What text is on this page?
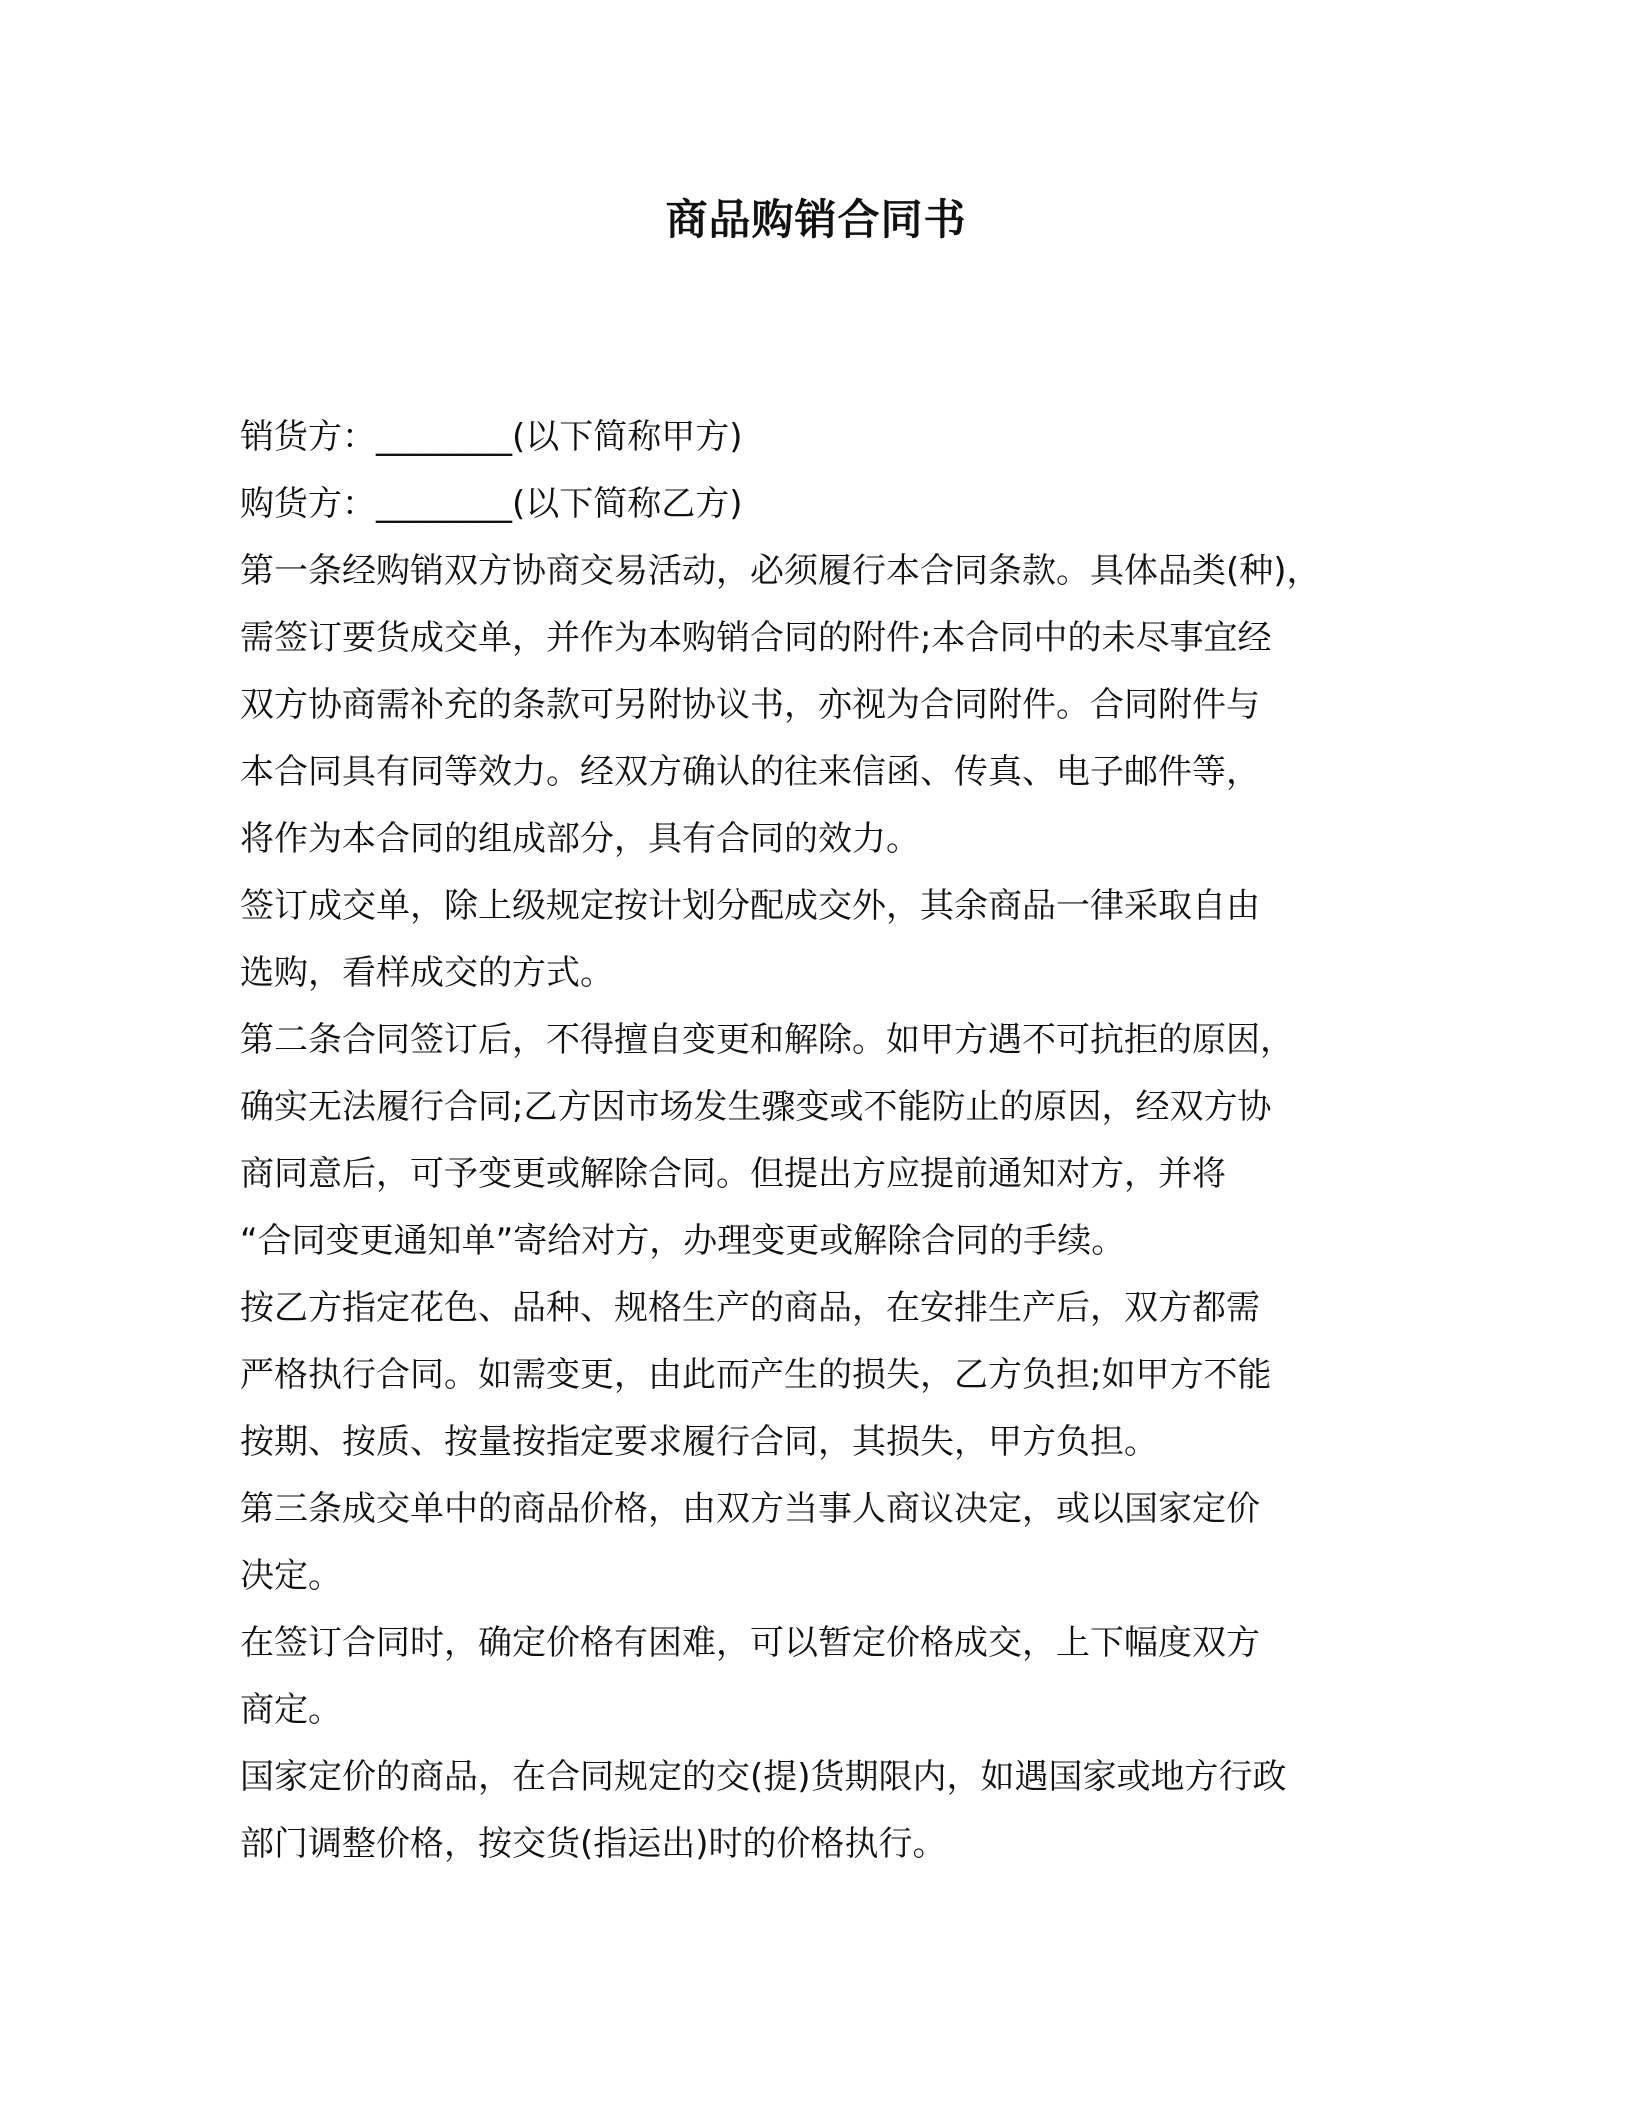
商品购销合同书
销货方：________(以下简称甲方)
购货方：________(以下简称乙方)
第一条经购销双方协商交易活动，必须履行本合同条款。具体品类(种)，
需签订要货成交单，并作为本购销合同的附件;本合同中的未尽事宜经
双方协商需补充的条款可另附协议书，亦视为合同附件。合同附件与
本合同具有同等效力。经双方确认的往来信函、传真、电子邮件等，
将作为本合同的组成部分，具有合同的效力。
签订成交单，除上级规定按计划分配成交外，其余商品一律采取自由
选购，看样成交的方式。
第二条合同签订后，不得擅自变更和解除。如甲方遇不可抗拒的原因，
确实无法履行合同;乙方因市场发生骤变或不能防止的原因，经双方协
商同意后，可予变更或解除合同。但提出方应提前通知对方，并将
“合同变更通知单”寄给对方，办理变更或解除合同的手续。
按乙方指定花色、品种、规格生产的商品，在安排生产后，双方都需
严格执行合同。如需变更，由此而产生的损失，乙方负担;如甲方不能
按期、按质、按量按指定要求履行合同，其损失，甲方负担。
第三条成交单中的商品价格，由双方当事人商议决定，或以国家定价
决定。
在签订合同时，确定价格有困难，可以暂定价格成交，上下幅度双方
商定。
国家定价的商品，在合同规定的交(提)货期限内，如遇国家或地方行政
部门调整价格，按交货(指运出)时的价格执行。
